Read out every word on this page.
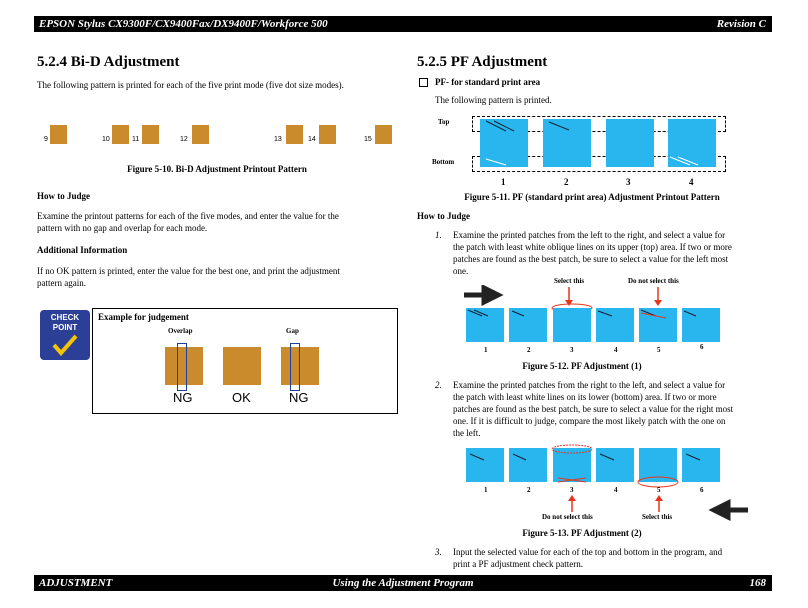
EPSON Stylus CX9300F/CX9400Fax/DX9400F/Workforce 500	Revision C
5.2.4 Bi-D Adjustment
The following pattern is printed for each of the five print mode (five dot size modes).
9	10	11	12	13	14	15
Figure 5-10. Bi-D Adjustment Printout Pattern
How to Judge
Examine the printout patterns for each of the five modes, and enter the value for the
pattern with no gap and overlap for each mode.
Additional Information
If no OK pattern is printed, enter the value for the best one, and print the adjustment
pattern again.
CHECK
POINT
Example for judgement
Overlap	Gap
NG	OK	NG
5.2.5 PF Adjustment
PF- for standard print area
The following pattern is printed.
Top
Bottom
1	2	3	4
Figure 5-11. PF (standard print area) Adjustment Printout Pattern
How to Judge
1. Examine the printed patches from the left to the right, and select a value for
the patch with least white oblique lines on its upper (top) area. If two or more
patches are found as the best patch, be sure to select a value for the left most
one.
Select this	Do not select this
1	2	3	4	5	6
Figure 5-12. PF Adjustment (1)
2. Examine the printed patches from the right to the left, and select a value for
the patch with least white lines on its lower (bottom) area. If two or more
patches are found as the best patch, be sure to select a value for the right most
one. If it is difficult to judge, compare the most likely patch with the one on
the left.
1	2	3	4	5	6
Do not select this	Select this
Figure 5-13. PF Adjustment (2)
3. Input the selected value for each of the top and bottom in the program, and
print a PF adjustment check pattern.
ADJUSTMENT	Using the Adjustment Program	168
